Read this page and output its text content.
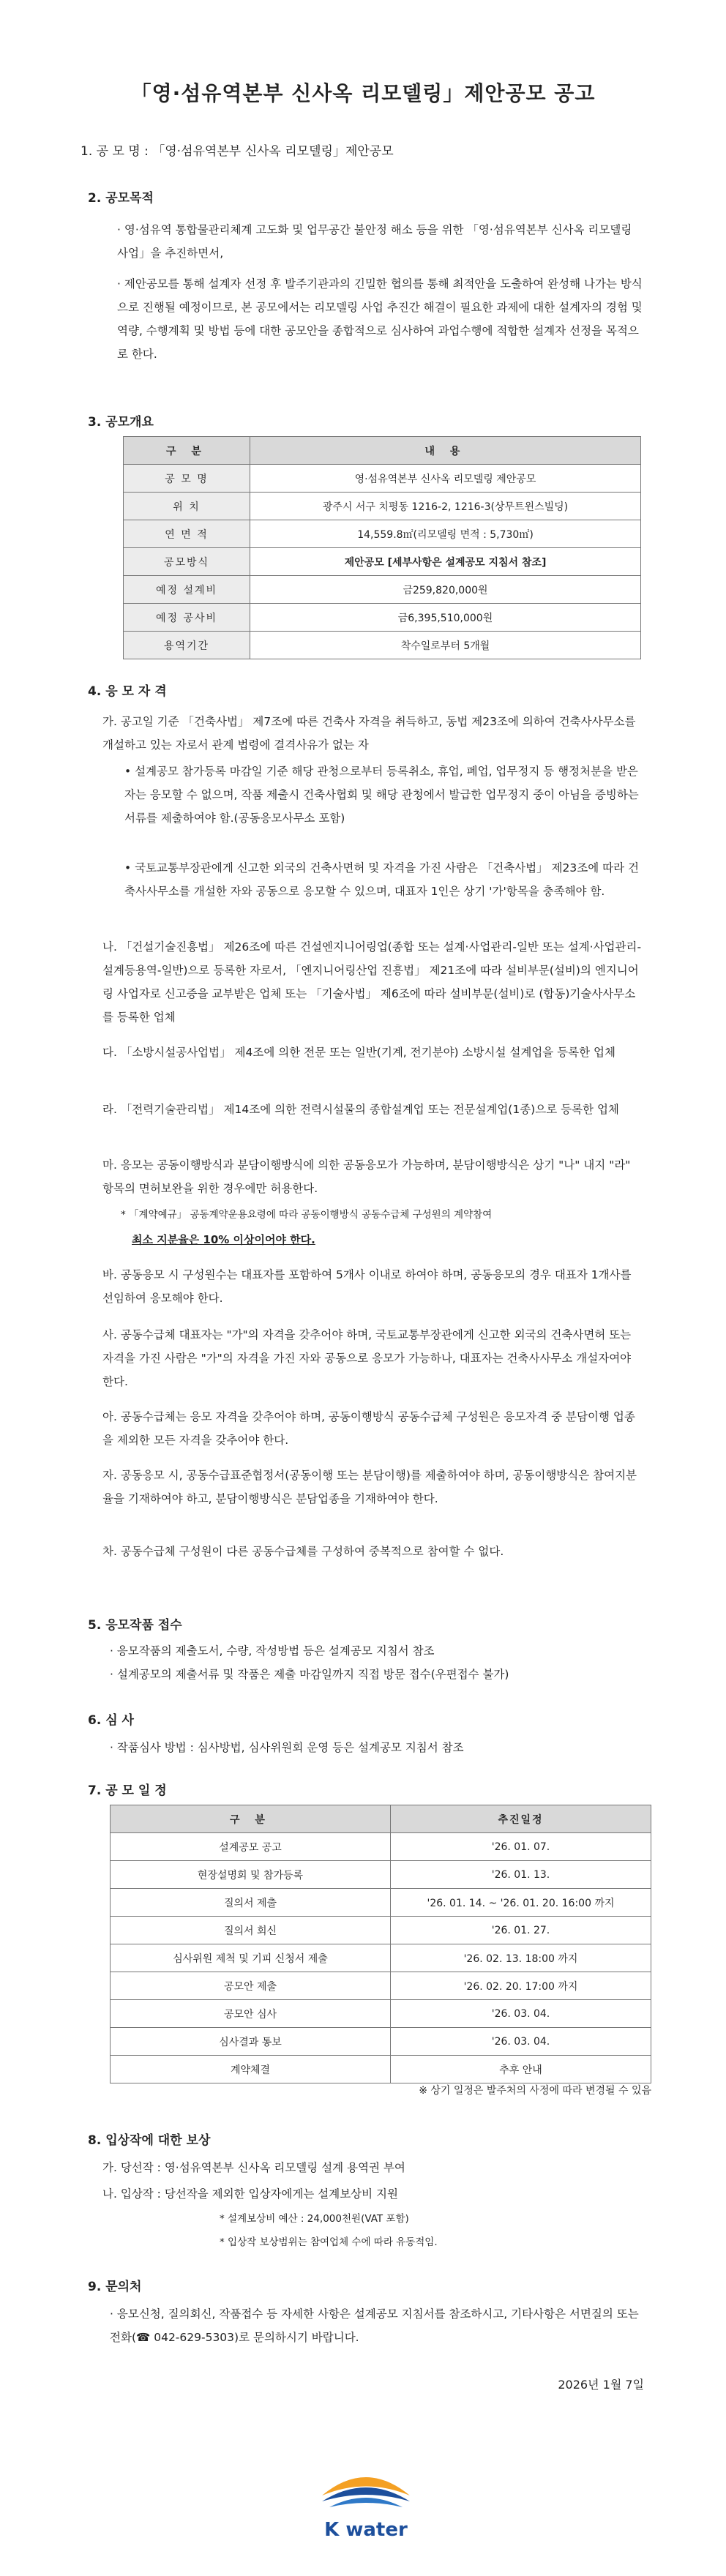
「영·섬유역본부 신사옥 리모델링」제안공모 공고
1. 공 모 명 : 「영·섬유역본부 신사옥 리모델링」제안공모
2. 공모목적
· 영·섬유역 통합물관리체계 고도화 및 업무공간 불안정 해소 등을 위한 「영·섬유역본부 신사옥 리모델링 사업」을 추진하면서,
· 제안공모를 통해 설계자 선정 후 발주기관과의 긴밀한 협의를 통해 최적안을 도출하여 완성해 나가는 방식으로 진행될 예정이므로, 본 공모에서는 리모델링 사업 추진간 해결이 필요한 과제에 대한 설계자의 경험 및 역량, 수행계획 및 방법 등에 대한 공모안을 종합적으로 심사하여 과업수행에 적합한 설계자 선정을 목적으로 한다.
3. 공모개요
구 분	내 용
공 모 명	영·섬유역본부 신사옥 리모델링 제안공모
위 치	광주시 서구 치평동 1216-2, 1216-3(상무트윈스빌딩)
연 면 적	14,559.8㎡(리모델링 면적 : 5,730㎡)
공모방식	제안공모 [세부사항은 설계공모 지침서 참조]
예정 설계비	금259,820,000원
예정 공사비	금6,395,510,000원
용역기간	착수일로부터 5개월
4. 응 모 자 격
가. 공고일 기준 「건축사법」 제7조에 따른 건축사 자격을 취득하고, 동법 제23조에 의하여 건축사사무소를 개설하고 있는 자로서 관계 법령에 결격사유가 없는 자
• 설계공모 참가등록 마감일 기준 해당 관청으로부터 등록취소, 휴업, 폐업, 업무정지 등 행정처분을 받은 자는 응모할 수 없으며, 작품 제출시 건축사협회 및 해당 관청에서 발급한 업무정지 중이 아님을 증빙하는 서류를 제출하여야 함.(공동응모사무소 포함)
• 국토교통부장관에게 신고한 외국의 건축사면허 및 자격을 가진 사람은 「건축사법」 제23조에 따라 건축사사무소를 개설한 자와 공동으로 응모할 수 있으며, 대표자 1인은 상기 '가'항목을 충족해야 함.
나. 「건설기술진흥법」 제26조에 따른 건설엔지니어링업(종합 또는 설계·사업관리-일반 또는 설계·사업관리-설계등용역-일반)으로 등록한 자로서, 「엔지니어링산업 진흥법」 제21조에 따라 설비부문(설비)의 엔지니어링 사업자로 신고증을 교부받은 업체 또는 「기술사법」 제6조에 따라 설비부문(설비)로 (합동)기술사사무소를 등록한 업체
다. 「소방시설공사업법」 제4조에 의한 전문 또는 일반(기계, 전기분야) 소방시설 설계업을 등록한 업체
라. 「전력기술관리법」 제14조에 의한 전력시설물의 종합설계업 또는 전문설계업(1종)으로 등록한 업체
마. 응모는 공동이행방식과 분담이행방식에 의한 공동응모가 가능하며, 분담이행방식은 상기 "나" 내지 "라" 항목의 면허보완을 위한 경우에만 허용한다.
* 「계약예규」 공동계약운용요령에 따라 공동이행방식 공동수급체 구성원의 계약참여
최소 지분율은 10% 이상이어야 한다.
바. 공동응모 시 구성원수는 대표자를 포함하여 5개사 이내로 하여야 하며, 공동응모의 경우 대표자 1개사를 선임하여 응모해야 한다.
사. 공동수급체 대표자는 "가"의 자격을 갖추어야 하며, 국토교통부장관에게 신고한 외국의 건축사면허 또는 자격을 가진 사람은 "가"의 자격을 가진 자와 공동으로 응모가 가능하나, 대표자는 건축사사무소 개설자여야 한다.
아. 공동수급체는 응모 자격을 갖추어야 하며, 공동이행방식 공동수급체 구성원은 응모자격 중 분담이행 업종을 제외한 모든 자격을 갖추어야 한다.
자. 공동응모 시, 공동수급표준협정서(공동이행 또는 분담이행)를 제출하여야 하며, 공동이행방식은 참여지분율을 기재하여야 하고, 분담이행방식은 분담업종을 기재하여야 한다.
차. 공동수급체 구성원이 다른 공동수급체를 구성하여 중복적으로 참여할 수 없다.
5. 응모작품 접수
· 응모작품의 제출도서, 수량, 작성방법 등은 설계공모 지침서 참조
· 설계공모의 제출서류 및 작품은 제출 마감일까지 직접 방문 접수(우편접수 불가)
6. 심 사
· 작품심사 방법 : 심사방법, 심사위원회 운영 등은 설계공모 지침서 참조
7. 공 모 일 정
구 분	추진일정
설계공모 공고	'26. 01. 07.
현장설명회 및 참가등록	'26. 01. 13.
질의서 제출	'26. 01. 14. ~ '26. 01. 20. 16:00 까지
질의서 회신	'26. 01. 27.
심사위원 제척 및 기피 신청서 제출	'26. 02. 13. 18:00 까지
공모안 제출	'26. 02. 20. 17:00 까지
공모안 심사	'26. 03. 04.
심사결과 통보	'26. 03. 04.
계약체결	추후 안내
※ 상기 일정은 발주처의 사정에 따라 변경될 수 있음
8. 입상작에 대한 보상
가. 당선작 : 영·섬유역본부 신사옥 리모델링 설계 용역권 부여
나. 입상작 : 당선작을 제외한 입상자에게는 설계보상비 지원
* 설계보상비 예산 : 24,000천원(VAT 포함)
* 입상작 보상범위는 참여업체 수에 따라 유동적임.
9. 문의처
· 응모신청, 질의회신, 작품접수 등 자세한 사항은 설계공모 지침서를 참조하시고, 기타사항은 서면질의 또는 전화(☎ 042-629-5303)로 문의하시기 바랍니다.
2026년 1월 7일
K water
